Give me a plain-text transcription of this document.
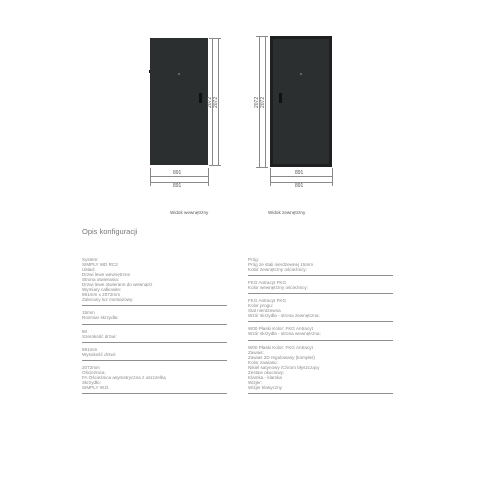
2072 2072
891
891
Widok wewnętrzny
2072 2072
891
891
Widok zewnętrzny
Opis konfiguracji
System:
SIMPLY WD RC2
Układ:
Drzwi lewe wewnętrzne
Strona otwierania:
Drzwi lewe otwierane do wewnątrz
Wymiary całkowite:
891mm x 2072mm
Zalecany luz montażowy:
15mm
Rozmiar skrzydła:
80
Szerokość drzwi:
891mm
Wysokość drzwi:
2072mm
Ościeżnica:
FA Ościeżnica asymetryczna z uszczelką
Skrzydło:
SIMPLY W.D.
Próg:
Próg ze stali nierdzewnej 15mm
Kolor zewnętrzny ościeżnicy:
FKG Antracyt FKG
Kolor wewnętrzny ościeżnicy:
FKG Antracyt FKG
Kolor progu:
Stal nierdzewna
Wzór skrzydła - strona zewnętrzna:
W00 Płaski Kolor: FKG Antracyt
Wzór skrzydła - strona wewnętrzna:
W00 Płaski Kolor: FKG Antracyt
Zawias:
Zawias 2D regulowany (komplet)
Kolor zawiasu:
Nikiel satynowy /Chrom błyszczący
Zestaw okuciowy:
Klamka - klamka
Wizjer:
Wizjer klasyczny
